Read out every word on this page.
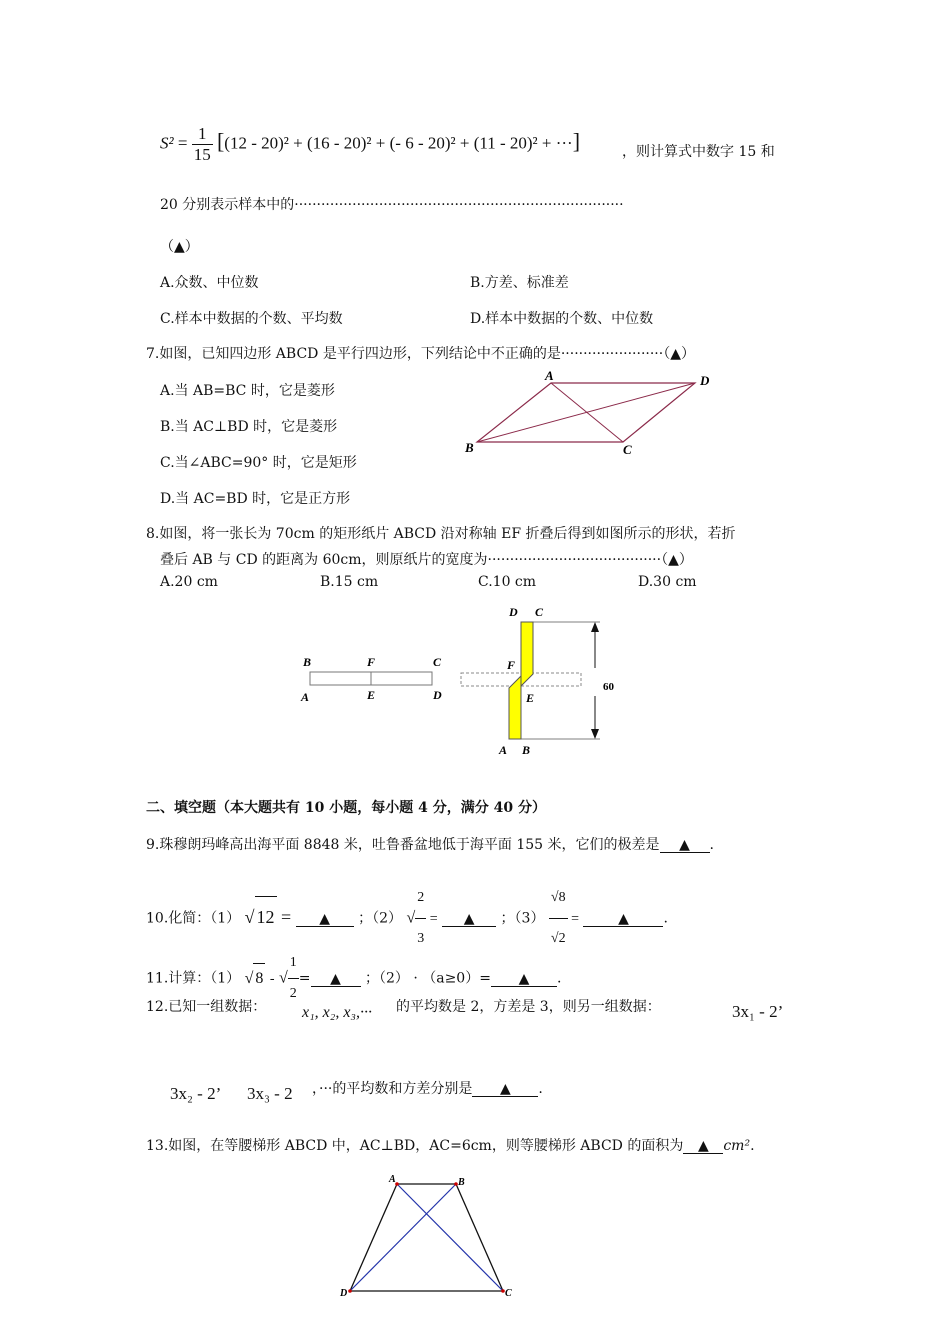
$S^2 = \frac{1}{15} [(12 - 20)^2 + (16 - 20)^2$ + (- 6 - 20)² + (11 - 20)² + ···]	，则计算式中数字 15 和
20 分别表示样本中的··········································································
（▲）
A.众数、中位数	B.方差、标准差
C.样本中数据的个数、平均数	D.样本中数据的个数、中位数
7.如图，已知四边形 ABCD 是平行四边形，下列结论中不正确的是·······················（▲）
A.当 AB=BC 时，它是菱形
B.当 AC⊥BD 时，它是菱形
C.当∠ABC=90° 时，它是矩形
D.当 AC=BD 时，它是正方形
A	D
B	C
8.如图，将一张长为 70cm 的矩形纸片 ABCD 沿对称轴 EF 折叠后得到如图所示的形状，若折
叠后 AB 与 CD 的距离为 60cm，则原纸片的宽度为·······································（▲）
A.20 cm	B.15 cm	C.10 cm	D.30 cm
B	F	C
A	E	D
60
D C
F
E
A B
二、填空题（本大题共有 10 小题，每小题 4 分，满分 40 分）
9.珠穆朗玛峰高出海平面 8848 米，吐鲁番盆地低于海平面 155 米，它们的极差是 ▲ .
10.化简：（1） √ 12 = ▲ ；（2） √ $\frac{2}{3}$ = ▲ ；$(3) \frac{√8}{√2}$ =	▲ .
11.计算：（1） √ 8 - √ $\frac{1}{2}$ = ▲ ；（2） · （a≥0）= ▲ .
12.已知一组数据： x₁, x₂, x₃,··· 的平均数是 2，方差是 3，则另一组数据：	3x₁ - 2’
3x₂ - 2’ 3x₃ - 2 ，···的平均数和方差分别是 ▲ .
13.如图，在等腰梯形 ABCD 中，AC⊥BD，AC=6cm，则等腰梯形 ABCD 的面积为 ▲ cm².
A	B
D	C
